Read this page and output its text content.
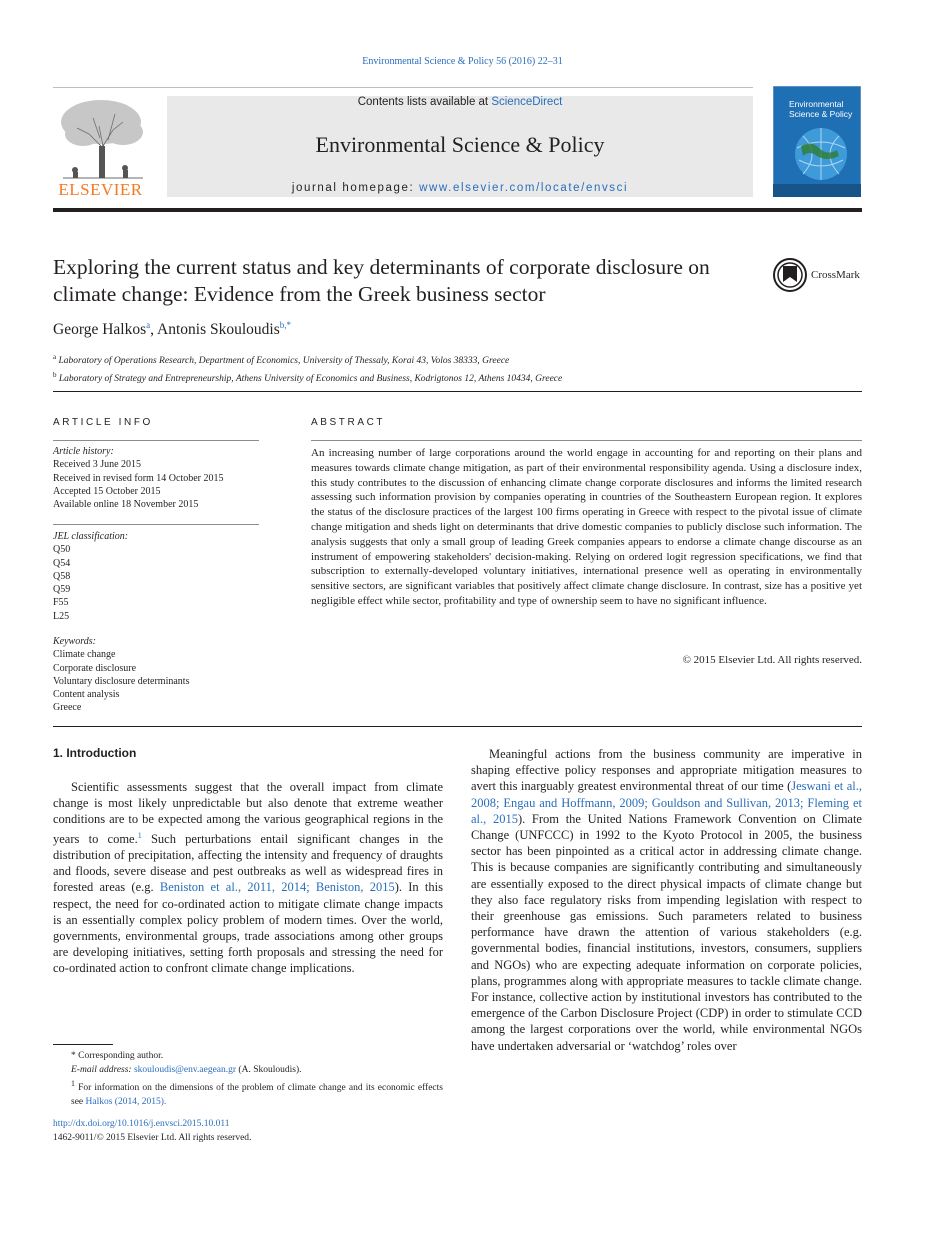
Environmental Science & Policy 56 (2016) 22–31
ELSEVIER
Contents lists available at ScienceDirect
Environmental Science & Policy
journal homepage: www.elsevier.com/locate/envsci
Environmental Science & Policy
Exploring the current status and key determinants of corporate disclosure on climate change: Evidence from the Greek business sector
CrossMark
George Halkos$^a$, Antonis Skouloudis$^{b,*}$
$^a$ Laboratory of Operations Research, Department of Economics, University of Thessaly, Korai 43, Volos 38333, Greece
$^b$ Laboratory of Strategy and Entrepreneurship, Athens University of Economics and Business, Kodrigtonos 12, Athens 10434, Greece
ARTICLE INFO
Article history:
Received 3 June 2015
Received in revised form 14 October 2015
Accepted 15 October 2015
Available online 18 November 2015
JEL classification:
Q50
Q54
Q58
Q59
F55
L25
Keywords:
Climate change
Corporate disclosure
Voluntary disclosure determinants
Content analysis
Greece
ABSTRACT

An increasing number of large corporations around the world engage in accounting for and reporting on their plans and measures towards climate change mitigation, as part of their environmental responsibility agenda. Using a disclosure index, this study contributes to the discussion of enhancing climate change corporate disclosures and informs the limited research assessing such information provision by companies operating in countries of the Southeastern European region. It explores the status of the disclosure practices of the largest 100 firms operating in Greece with respect to the pivotal issue of climate change mitigation and sheds light on determinants that drive domestic companies to publicly disclose such information. The analysis suggests that only a small group of leading Greek companies appears to endorse a climate change discourse as an instrument of empowering stakeholders' decision-making. Relying on ordered logit regression specifications, we find that subscription to externally-developed voluntary initiatives, international presence well as operating in environmentally sensitive sectors, are significant variables that positively affect climate change disclosure. In contrast, size has a positive yet negligible effect while sector, profitability and type of ownership seem to have no significant influence.

© 2015 Elsevier Ltd. All rights reserved.
1. Introduction

Scientific assessments suggest that the overall impact from climate change is most likely unpredictable but also denote that extreme weather conditions are to be expected among the various geographical regions in the years to come.$^1$ Such perturbations entail significant changes in the distribution of precipitation, affecting the intensity and frequency of draughts and floods, severe disease and pest outbreaks as well as widespread fires in forested areas (e.g. Beniston et al., 2011, 2014; Beniston, 2015). In this respect, the need for co-ordinated action to mitigate climate change impacts is an essentially complex policy problem of modern times. Over the world, governments, environmental groups, trade associations among other groups are developing initiatives, setting forth proposals and stressing the need for co-ordinated action to confront climate change implications.

Meaningful actions from the business community are imperative in shaping effective policy responses and appropriate mitigation measures to avert this inarguably greatest environmental threat of our time (Jeswani et al., 2008; Engau and Hoffmann, 2009; Gouldson and Sullivan, 2013; Fleming et al., 2015). From the United Nations Framework Convention on Climate Change (UNFCCC) in 1992 to the Kyoto Protocol in 2005, the business sector has been pinpointed as a critical actor in addressing climate change. This is because companies are significantly contributing and simultaneously are essentially exposed to the direct physical impacts of climate change but they also face regulatory risks from impending legislation with respect to their greenhouse gas emissions. Such parameters related to business performance have drawn the attention of various stakeholders (e.g. governmental bodies, financial institutions, investors, consumers, suppliers and NGOs) who are expecting adequate information on corporate policies, plans, programmes along with appropriate measures to tackle climate change. For instance, collective action by institutional investors has contributed to the emergence of the Carbon Disclosure Project (CDP) in order to stimulate CCD among the largest corporations over the world, while environmental NGOs have undertaken adversarial or ‘watchdog’ roles over

* Corresponding author.

E-mail address: skouloudis@env.aegean.gr (A. Skouloudis).

$^1$ For information on the dimensions of the problem of climate change and its economic effects see Halkos (2014, 2015).

http://dx.doi.org/10.1016/j.envsci.2015.10.011
1462-9011/© 2015 Elsevier Ltd. All rights reserved.
